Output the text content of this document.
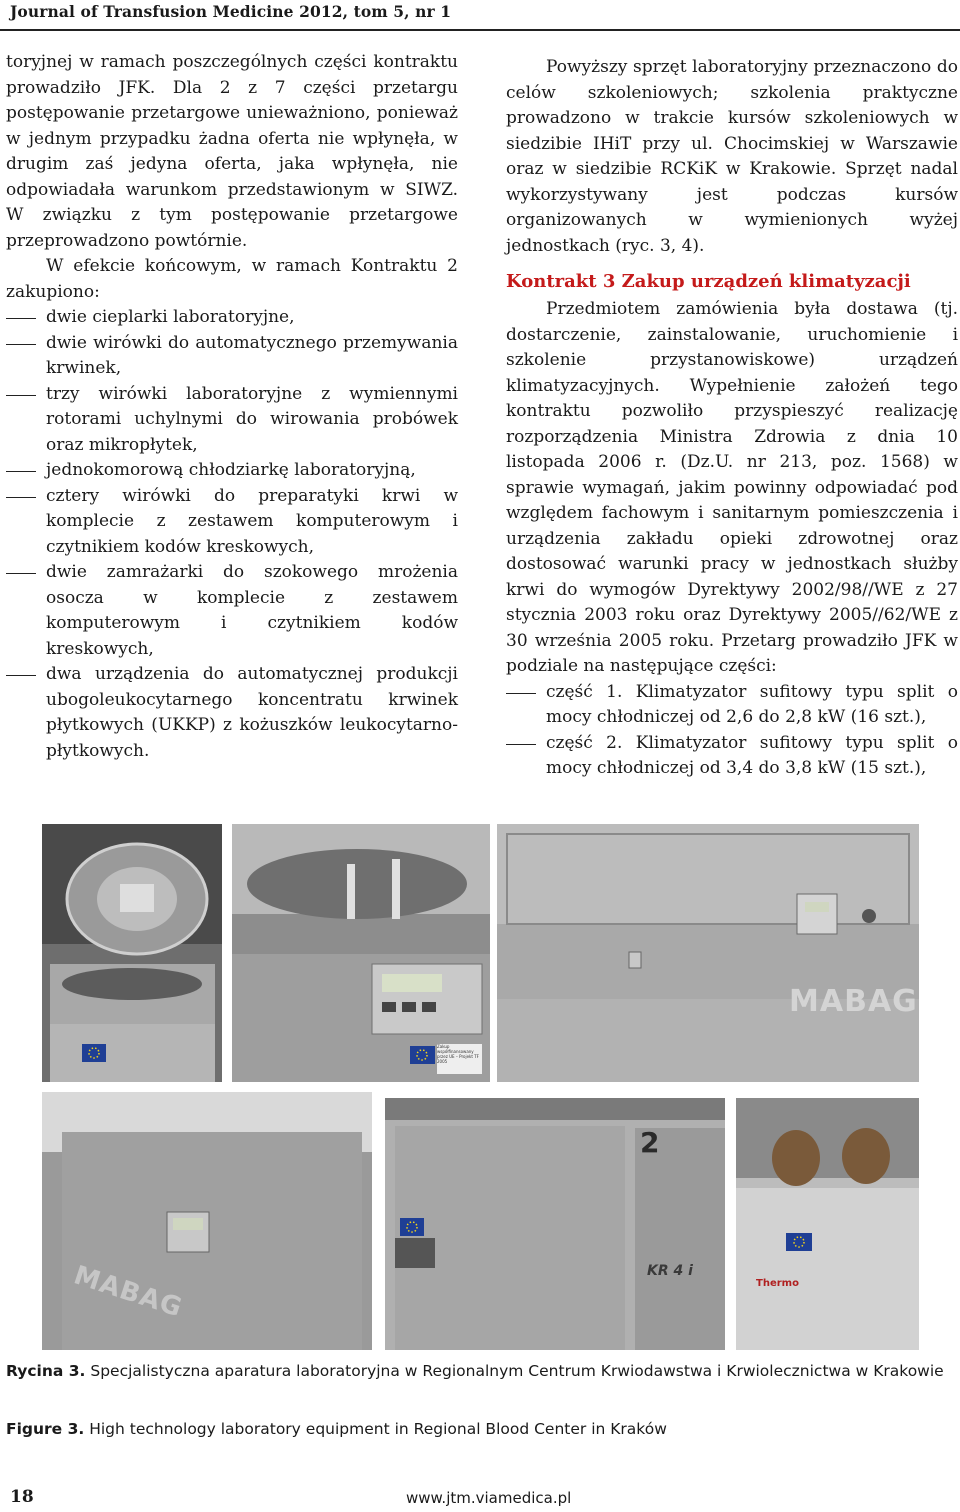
Journal of Transfusion Medicine 2012, tom 5, nr 1

toryjnej w ramach poszczególnych części kontraktu prowadziło JFK. Dla 2 z 7 części przetargu postępowanie przetargowe unieważniono, ponieważ w jednym przypadku żadna oferta nie wpłynęła, w drugim zaś jedyna oferta, jaka wpłynęła, nie odpowiadała warunkom przedstawionym w SIWZ. W związku z tym postępowanie przetargowe przeprowadzono powtórnie.

W efekcie końcowym, w ramach Kontraktu 2 zakupiono:

dwie cieplarki laboratoryjne,
dwie wirówki do automatycznego przemywania krwinek,
trzy wirówki laboratoryjne z wymiennymi rotorami uchylnymi do wirowania probówek oraz mikropłytek,
jednokomorową chłodziarkę laboratoryjną,
cztery wirówki do preparatyki krwi w komplecie z zestawem komputerowym i czytnikiem kodów kreskowych,
dwie zamrażarki do szokowego mrożenia osocza w komplecie z zestawem komputerowym i czytnikiem kodów kreskowych,
dwa urządzenia do automatycznej produkcji ubogoleukocytarnego koncentratu krwinek płytkowych (UKKP) z kożuszków leukocytarno-płytkowych.

Powyższy sprzęt laboratoryjny przeznaczono do celów szkoleniowych; szkolenia praktyczne prowadzono w trakcie kursów szkoleniowych w siedzibie IHiT przy ul. Chocimskiej w Warszawie oraz w siedzibie RCKiK w Krakowie. Sprzęt nadal wykorzystywany jest podczas kursów organizowanych w wymienionych wyżej jednostkach (ryc. 3, 4).

Kontrakt 3 Zakup urządzeń klimatyzacji

Przedmiotem zamówienia była dostawa (tj. dostarczenie, zainstalowanie, uruchomienie i szkolenie przystanowiskowe) urządzeń klimatyzacyjnych. Wypełnienie założeń tego kontraktu pozwoliło przyspieszyć realizację rozporządzenia Ministra Zdrowia z dnia 10 listopada 2006 r. (Dz.U. nr 213, poz. 1568) w sprawie wymagań, jakim powinny odpowiadać pod względem fachowym i sanitarnym pomieszczenia i urządzenia zakładu opieki zdrowotnej oraz dostosować warunki pracy w jednostkach służby krwi do wymogów Dyrektywy 2002/98//WE z 27 stycznia 2003 roku oraz Dyrektywy 2005//62/WE z 30 września 2005 roku. Przetarg prowadziło JFK w podziale na następujące części:

część 1. Klimatyzator sufitowy typu split o mocy chłodniczej od 2,6 do 2,8 kW (16 szt.),
część 2. Klimatyzator sufitowy typu split o mocy chłodniczej od 3,4 do 3,8 kW (15 szt.),
Zakup współfinansowany przez UE – Projekt TF 2005
MABAG
MABAG
2
KR 4 i
Thermo
Rycina 3. Specjalistyczna aparatura laboratoryjna w Regionalnym Centrum Krwiodawstwa i Krwiolecznictwa w Krakowie
Figure 3. High technology laboratory equipment in Regional Blood Center in Kraków
18	www.jtm.viamedica.pl
